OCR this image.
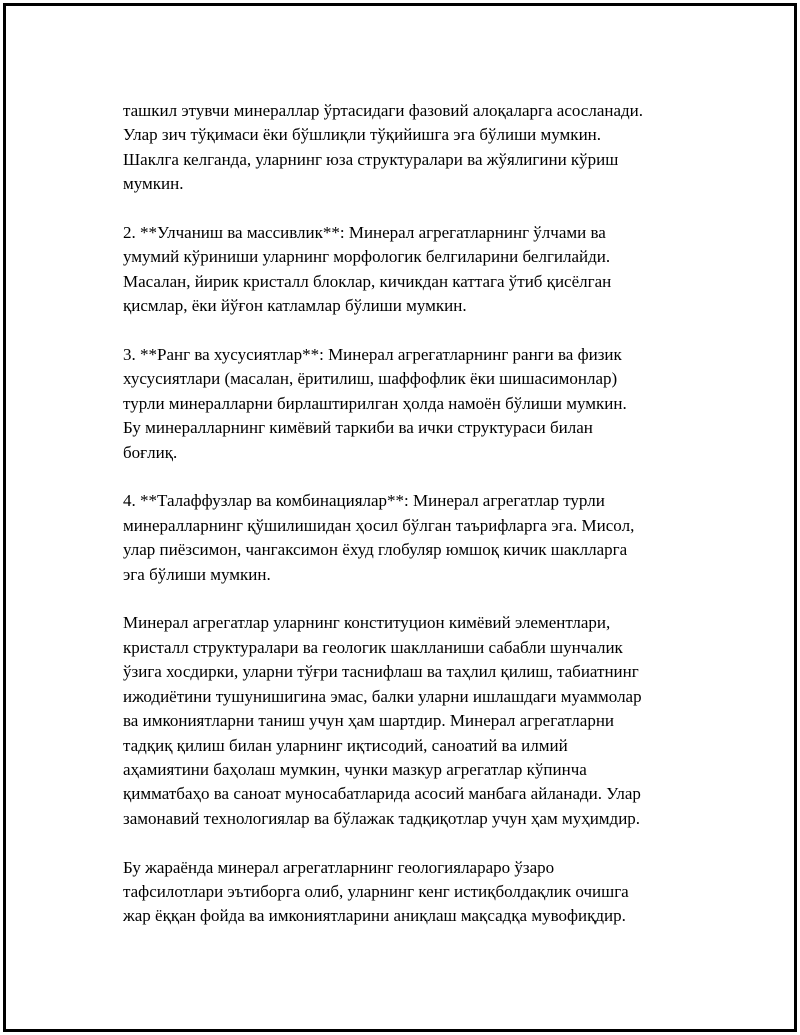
ташкил этувчи минераллар ўртасидаги фазовий алоқаларга асосланади.
Улар зич тўқимаси ёки бўшлиқли тўқийишга эга бўлиши мумкин.
Шаклга келганда, уларнинг юза структуралари ва жўялигини кўриш
мумкин.

2. **Улчаниш ва массивлик**: Минерал агрегатларнинг ўлчами ва
умумий кўриниши уларнинг морфологик белгиларини белгилайди.
Масалан, йирик кристалл блоклар, кичикдан каттага ўтиб қисёлган
қисмлар, ёки йўғон катламлар бўлиши мумкин.

3. **Ранг ва хусусиятлар**: Минерал агрегатларнинг ранги ва физик
хусусиятлари (масалан, ёритилиш, шаффофлик ёки шишасимонлар)
турли минералларни бирлаштирилган ҳолда намоён бўлиши мумкин.
Бу минералларнинг кимёвий таркиби ва ички структураси билан
боғлиқ.

4. **Талаффузлар ва комбинациялар**: Минерал агрегатлар турли
минералларнинг қўшилишидан ҳосил бўлган таърифларга эга. Мисол,
улар пиёзсимон, чангаксимон ёхуд глобуляр юмшоқ кичик шаклларга
эга бўлиши мумкин.

Минерал агрегатлар уларнинг конституцион кимёвий элементлари,
кристалл структуралари ва геологик шаклланиши сабабли шунчалик
ўзига хосдирки, уларни тўғри таснифлаш ва таҳлил қилиш, табиатнинг
ижодиётини тушунишигина эмас, балки уларни ишлашдаги муаммолар
ва имкониятларни таниш учун ҳам шартдир. Минерал агрегатларни
тадқиқ қилиш билан уларнинг иқтисодий, саноатий ва илмий
аҳамиятини баҳолаш мумкин, чунки мазкур агрегатлар кўпинча
қимматбаҳо ва саноат муносабатларида асосий манбага айланади. Улар
замонавий технологиялар ва бўлажак тадқиқотлар учун ҳам муҳимдир.

Бу жараёнда минерал агрегатларнинг геологияларaро ўзаро
тафсилотлари эътиборга олиб, уларнинг кенг истиқболдақлик очишга
жар ёққан фойда ва имкониятларини аниқлаш мақсадқа мувофиқдир.
